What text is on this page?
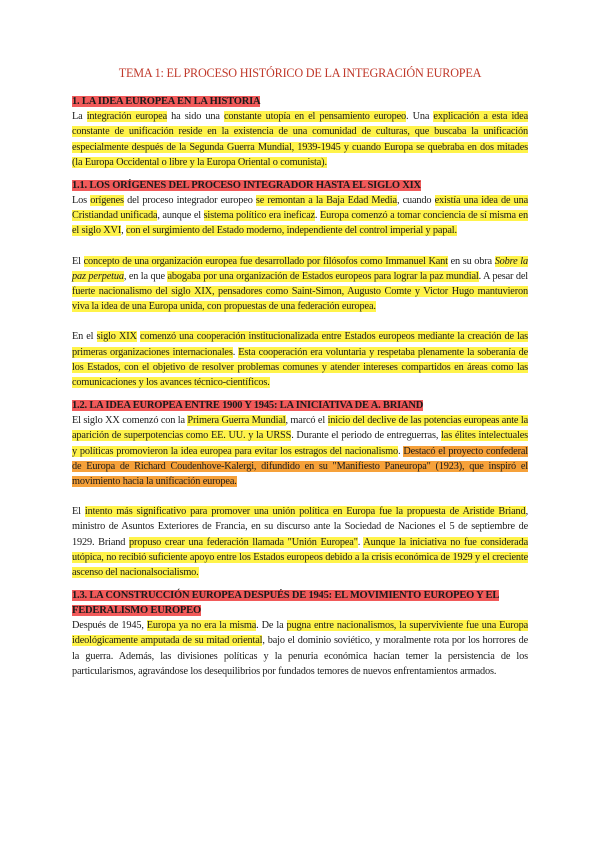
TEMA 1: EL PROCESO HISTÓRICO DE LA INTEGRACIÓN EUROPEA
1. LA IDEA EUROPEA EN LA HISTORIA

La integración europea ha sido una constante utopía en el pensamiento europeo. Una explicación a esta idea constante de unificación reside en la existencia de una comunidad de culturas, que buscaba la unificación especialmente después de la Segunda Guerra Mundial, 1939-1945 y cuando Europa se quebraba en dos mitades (la Europa Occidental o libre y la Europa Oriental o comunista).

1.1. LOS ORÍGENES DEL PROCESO INTEGRADOR HASTA EL SIGLO XIX

Los orígenes del proceso integrador europeo se remontan a la Baja Edad Media, cuando existía una idea de una Cristiandad unificada, aunque el sistema político era ineficaz. Europa comenzó a tomar conciencia de sí misma en el siglo XVI, con el surgimiento del Estado moderno, independiente del control imperial y papal.

El concepto de una organización europea fue desarrollado por filósofos como Immanuel Kant en su obra Sobre la paz perpetua, en la que abogaba por una organización de Estados europeos para lograr la paz mundial. A pesar del fuerte nacionalismo del siglo XIX, pensadores como Saint-Simon, Augusto Comte y Victor Hugo mantuvieron viva la idea de una Europa unida, con propuestas de una federación europea.

En el siglo XIX comenzó una cooperación institucionalizada entre Estados europeos mediante la creación de las primeras organizaciones internacionales. Esta cooperación era voluntaria y respetaba plenamente la soberanía de los Estados, con el objetivo de resolver problemas comunes y atender intereses compartidos en áreas como las comunicaciones y los avances técnico-científicos.

1.2. LA IDEA EUROPEA ENTRE 1900 Y 1945: LA INICIATIVA DE A. BRIAND

El siglo XX comenzó con la Primera Guerra Mundial, marcó el inicio del declive de las potencias europeas ante la aparición de superpotencias como EE. UU. y la URSS. Durante el periodo de entreguerras, las élites intelectuales y políticas promovieron la idea europea para evitar los estragos del nacionalismo. Destacó el proyecto confederal de Europa de Richard Coudenhove-Kalergi, difundido en su "Manifiesto Paneuropa" (1923), que inspiró el movimiento hacia la unificación europea.

El intento más significativo para promover una unión política en Europa fue la propuesta de Aristide Briand, ministro de Asuntos Exteriores de Francia, en su discurso ante la Sociedad de Naciones el 5 de septiembre de 1929. Briand propuso crear una federación llamada "Unión Europea". Aunque la iniciativa no fue considerada utópica, no recibió suficiente apoyo entre los Estados europeos debido a la crisis económica de 1929 y el creciente ascenso del nacionalsocialismo.

1.3. LA CONSTRUCCIÓN EUROPEA DESPUÉS DE 1945: EL MOVIMIENTO EUROPEO Y EL FEDERALISMO EUROPEO

Después de 1945, Europa ya no era la misma. De la pugna entre nacionalismos, la superviviente fue una Europa ideológicamente amputada de su mitad oriental, bajo el dominio soviético, y moralmente rota por los horrores de la guerra. Además, las divisiones políticas y la penuria económica hacían temer la persistencia de los particularismos, agravándose los desequilibrios por fundados temores de nuevos enfrentamientos armados.
